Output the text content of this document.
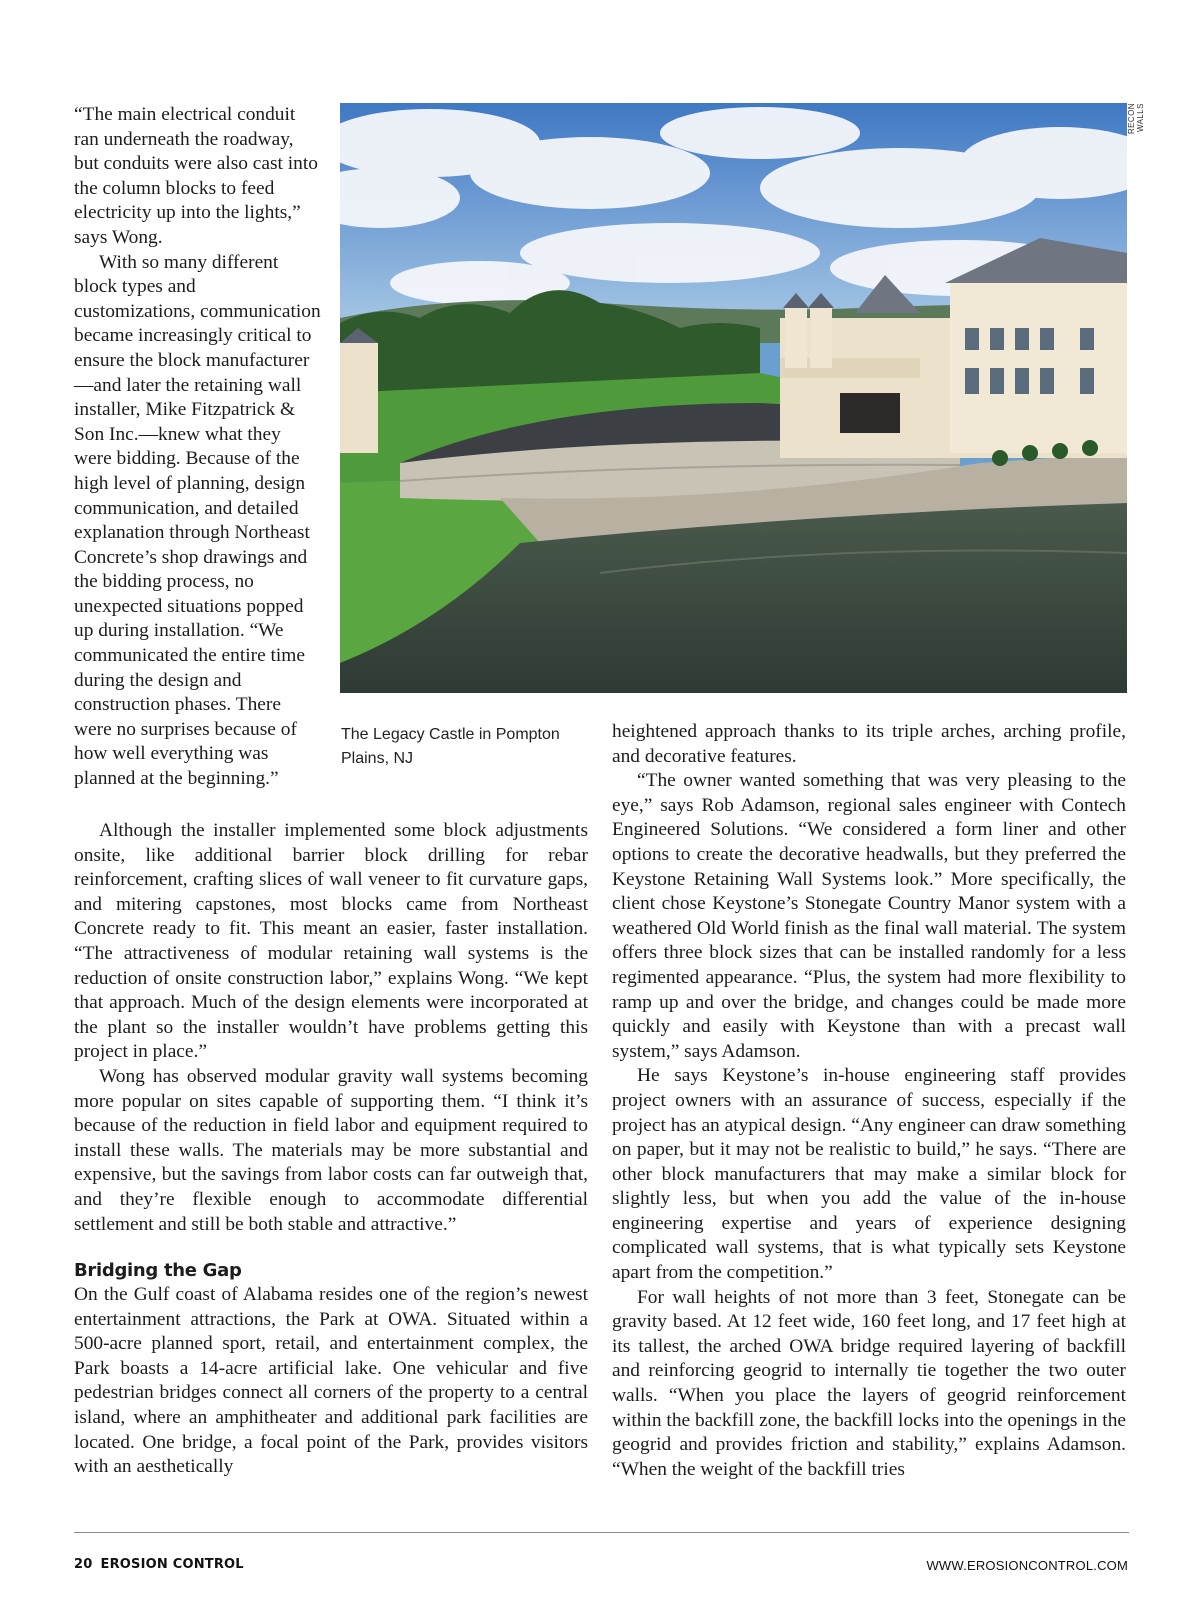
“The main electrical conduit ran underneath the roadway, but conduits were also cast into the column blocks to feed electricity up into the lights,” says Wong.

With so many different block types and customizations, communication became increasingly critical to ensure the block manufacturer—and later the retaining wall installer, Mike Fitzpatrick & Son Inc.—knew what they were bidding. Because of the high level of planning, design communication, and detailed explanation through Northeast Concrete’s shop drawings and the bidding process, no unexpected situations popped up during installation. “We communicated the entire time during the design and construction phases. There were no surprises because of how well everything was planned at the beginning.”

RECON WALLS
The Legacy Castle in Pompton Plains, NJ

Although the installer implemented some block adjustments onsite, like additional barrier block drilling for rebar reinforcement, crafting slices of wall veneer to fit curvature gaps, and mitering capstones, most blocks came from Northeast Concrete ready to fit. This meant an easier, faster installation. “The attractiveness of modular retaining wall systems is the reduction of onsite construction labor,” explains Wong. “We kept that approach. Much of the design elements were incorporated at the plant so the installer wouldn’t have problems getting this project in place.”

Wong has observed modular gravity wall systems becoming more popular on sites capable of supporting them. “I think it’s because of the reduction in field labor and equipment required to install these walls. The materials may be more substantial and expensive, but the savings from labor costs can far outweigh that, and they’re flexible enough to accommodate differential settlement and still be both stable and attractive.”

Bridging the Gap

On the Gulf coast of Alabama resides one of the region’s newest entertainment attractions, the Park at OWA. Situated within a 500-acre planned sport, retail, and entertainment complex, the Park boasts a 14-acre artificial lake. One vehicular and five pedestrian bridges connect all corners of the property to a central island, where an amphitheater and additional park facilities are located. One bridge, a focal point of the Park, provides visitors with an aesthetically

heightened approach thanks to its triple arches, arching profile, and decorative features.

“The owner wanted something that was very pleasing to the eye,” says Rob Adamson, regional sales engineer with Contech Engineered Solutions. “We considered a form liner and other options to create the decorative headwalls, but they preferred the Keystone Retaining Wall Systems look.” More specifically, the client chose Keystone’s Stonegate Country Manor system with a weathered Old World finish as the final wall material. The system offers three block sizes that can be installed randomly for a less regimented appearance. “Plus, the system had more flexibility to ramp up and over the bridge, and changes could be made more quickly and easily with Keystone than with a precast wall system,” says Adamson.

He says Keystone’s in-house engineering staff provides project owners with an assurance of success, especially if the project has an atypical design. “Any engineer can draw something on paper, but it may not be realistic to build,” he says. “There are other block manufacturers that may make a similar block for slightly less, but when you add the value of the in-house engineering expertise and years of experience designing complicated wall systems, that is what typically sets Keystone apart from the competition.”

For wall heights of not more than 3 feet, Stonegate can be gravity based. At 12 feet wide, 160 feet long, and 17 feet high at its tallest, the arched OWA bridge required layering of backfill and reinforcing geogrid to internally tie together the two outer walls. “When you place the layers of geogrid reinforcement within the backfill zone, the backfill locks into the openings in the geogrid and provides friction and stability,” explains Adamson. “When the weight of the backfill tries

20 EROSION CONTROL	WWW.EROSIONCONTROL.COM
